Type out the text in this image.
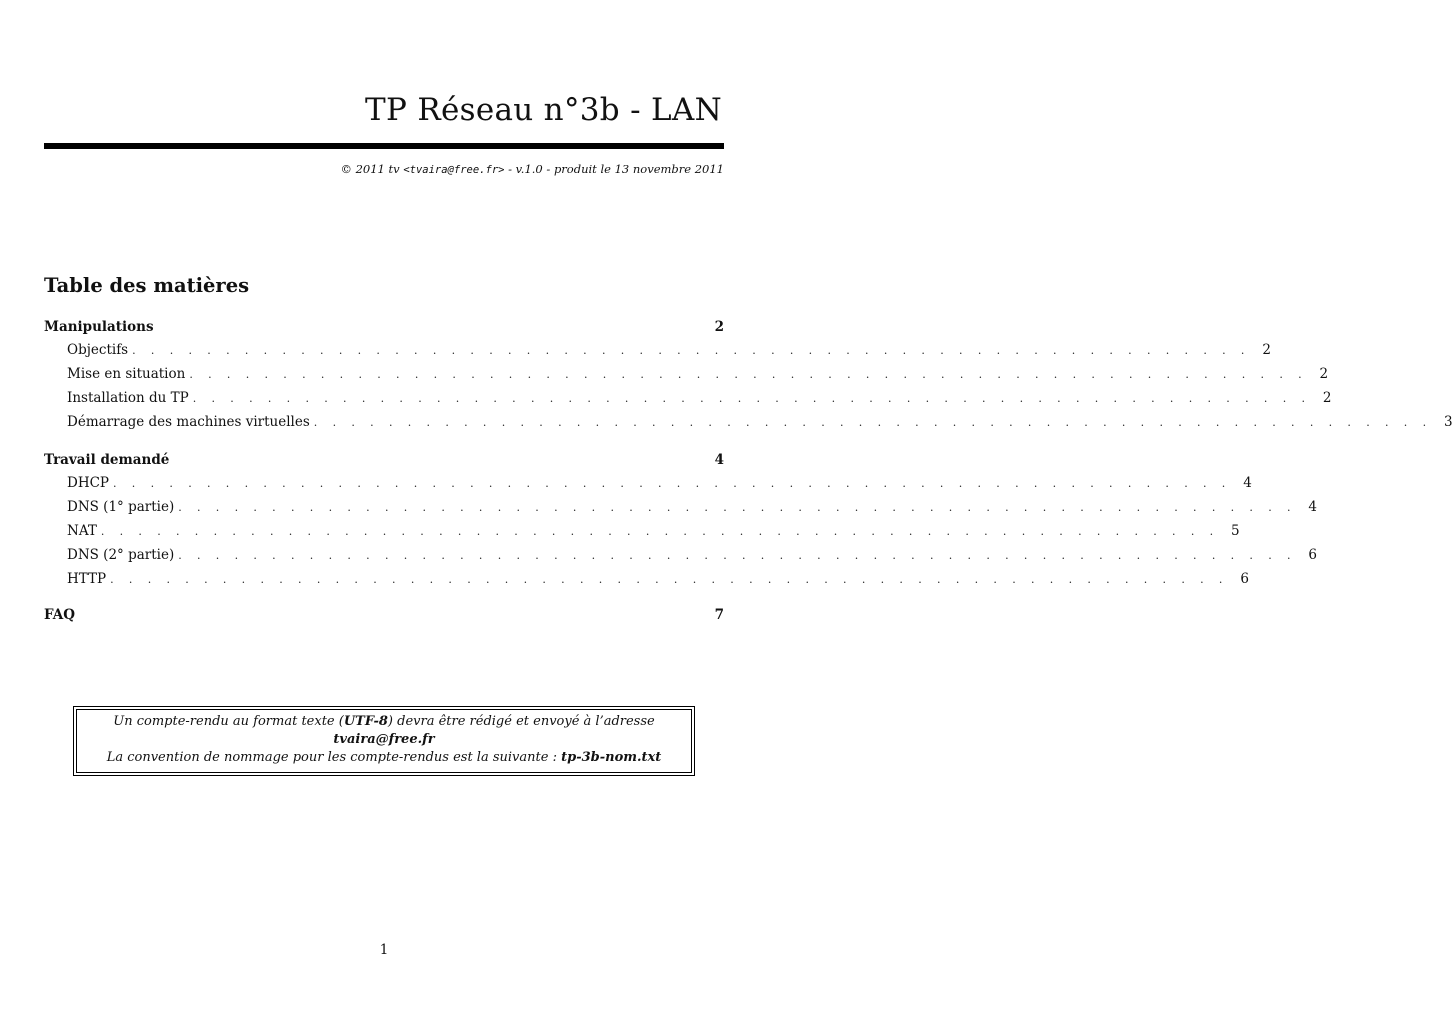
TP Réseau n°3b - LAN
© 2011 tv <tvaira@free.fr> - v.1.0 - produit le 13 novembre 2011
Table des matières
Manipulations	2
Objectifs . . . . . . . . . . . . . . . . . . . . . . . . . . . . . . . . . . . . . . . . . . . . . . . . . . . . . . . . . . . . 2
Mise en situation . . . . . . . . . . . . . . . . . . . . . . . . . . . . . . . . . . . . . . . . . . . . . . . . . . . . . . . . . . . . 2
Installation du TP . . . . . . . . . . . . . . . . . . . . . . . . . . . . . . . . . . . . . . . . . . . . . . . . . . . . . . . . . . . . 2
Démarrage des machines virtuelles . . . . . . . . . . . . . . . . . . . . . . . . . . . . . . . . . . . . . . . . . . . . . . . . . . . . . . . . . . . . 3
Travail demandé	4
DHCP . . . . . . . . . . . . . . . . . . . . . . . . . . . . . . . . . . . . . . . . . . . . . . . . . . . . . . . . . . . . 4
DNS (1° partie) . . . . . . . . . . . . . . . . . . . . . . . . . . . . . . . . . . . . . . . . . . . . . . . . . . . . . . . . . . . . 4
NAT . . . . . . . . . . . . . . . . . . . . . . . . . . . . . . . . . . . . . . . . . . . . . . . . . . . . . . . . . . . . 5
DNS (2° partie) . . . . . . . . . . . . . . . . . . . . . . . . . . . . . . . . . . . . . . . . . . . . . . . . . . . . . . . . . . . . 6
HTTP . . . . . . . . . . . . . . . . . . . . . . . . . . . . . . . . . . . . . . . . . . . . . . . . . . . . . . . . . . . . 6
FAQ	7
Un compte-rendu au format texte (UTF-8) devra être rédigé et envoyé à l’adresse
tvaira@free.fr
La convention de nommage pour les compte-rendus est la suivante : tp-3b-nom.txt
1
